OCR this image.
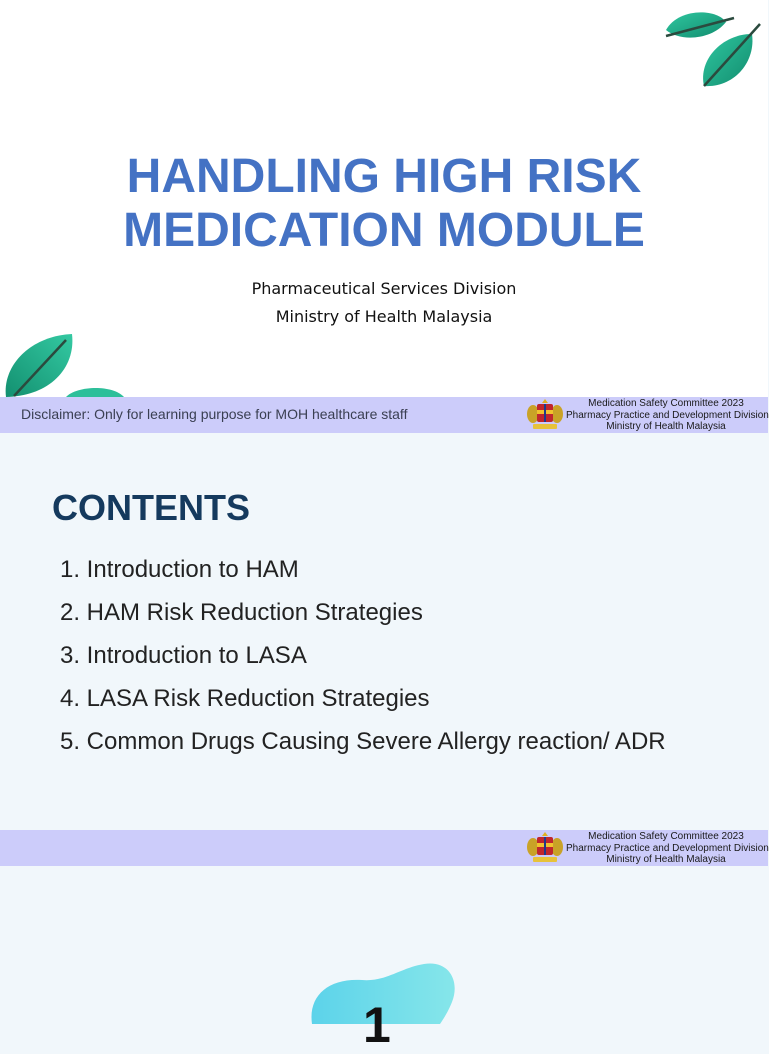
HANDLING HIGH RISK
MEDICATION MODULE
Pharmaceutical Services Division
Ministry of Health Malaysia
Disclaimer: Only for learning purpose for MOH healthcare staff
Medication Safety Committee 2023
Pharmacy Practice and Development Division
Ministry of Health Malaysia
CONTENTS
1. Introduction to HAM
2. HAM Risk Reduction Strategies
3. Introduction to LASA
4. LASA Risk Reduction Strategies
5. Common Drugs Causing Severe Allergy reaction/ ADR
Medication Safety Committee 2023
Pharmacy Practice and Development Division
Ministry of Health Malaysia
1
